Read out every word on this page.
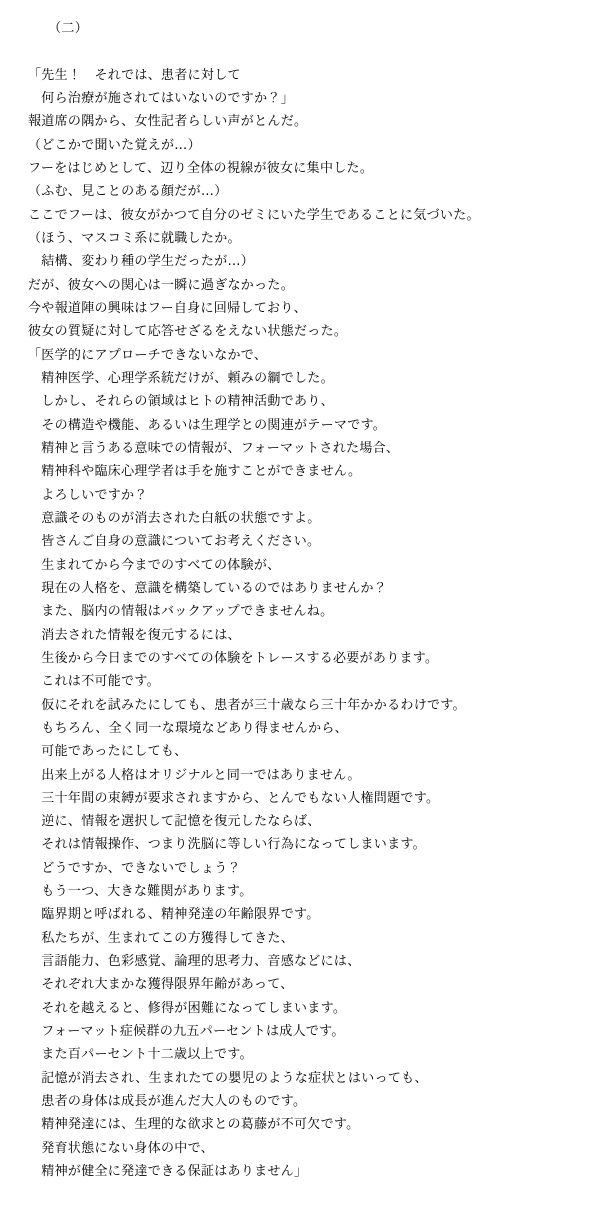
　　（二）
「先生！　それでは、患者に対して
　何ら治療が施されてはいないのですか？」
報道席の隅から、女性記者らしい声がとんだ。
（どこかで聞いた覚えが…）
フーをはじめとして、辺り全体の視線が彼女に集中した。
（ふむ、見ことのある顔だが…）
ここでフーは、彼女がかつて自分のゼミにいた学生であることに気づいた。
（ほう、マスコミ系に就職したか。
　結構、変わり種の学生だったが…）
だが、彼女への関心は一瞬に過ぎなかった。
今や報道陣の興味はフー自身に回帰しており、
彼女の質疑に対して応答せざるをえない状態だった。
「医学的にアプローチできないなかで、
　精神医学、心理学系統だけが、頼みの綱でした。
　しかし、それらの領域はヒトの精神活動であり、
　その構造や機能、あるいは生理学との関連がテーマです。
　精神と言うある意味での情報が、フォーマットされた場合、
　精神科や臨床心理学者は手を施すことができません。
　よろしいですか？
　意識そのものが消去された白紙の状態ですよ。
　皆さんご自身の意識についてお考えください。
　生まれてから今までのすべての体験が、
　現在の人格を、意識を構築しているのではありませんか？
　また、脳内の情報はバックアップできませんね。
　消去された情報を復元するには、
　生後から今日までのすべての体験をトレースする必要があります。
　これは不可能です。
　仮にそれを試みたにしても、患者が三十歳なら三十年かかるわけです。
　もちろん、全く同一な環境などあり得ませんから、
　可能であったにしても、
　出来上がる人格はオリジナルと同一ではありません。
　三十年間の束縛が要求されますから、とんでもない人権問題です。
　逆に、情報を選択して記憶を復元したならば、
　それは情報操作、つまり洗脳に等しい行為になってしまいます。
　どうですか、できないでしょう？
　もう一つ、大きな難関があります。
　臨界期と呼ばれる、精神発達の年齢限界です。
　私たちが、生まれてこの方獲得してきた、
　言語能力、色彩感覚、論理的思考力、音感などには、
　それぞれ大まかな獲得限界年齢があって、
　それを越えると、修得が困難になってしまいます。
　フォーマット症候群の九五パーセントは成人です。
　また百パーセント十二歳以上です。
　記憶が消去され、生まれたての嬰児のような症状とはいっても、
　患者の身体は成長が進んだ大人のものです。
　精神発達には、生理的な欲求との葛藤が不可欠です。
　発育状態にない身体の中で、
　精神が健全に発達できる保証はありません」
